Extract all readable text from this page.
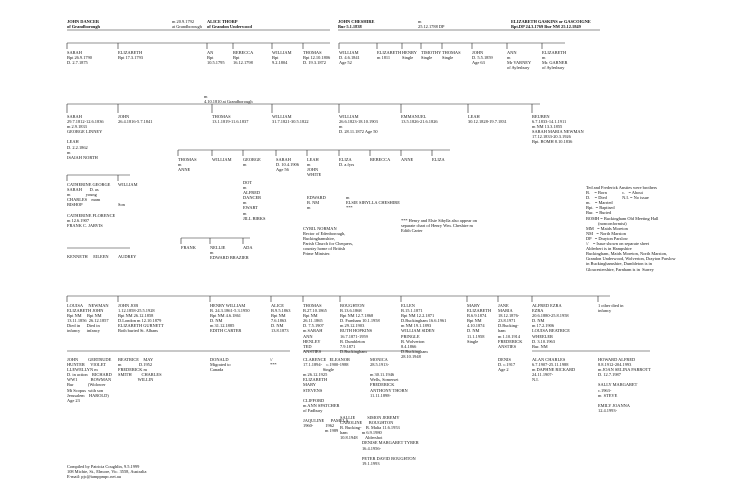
JOHN DANCER
of Grandborough
m 20.9.1792
at Grandborough
ALICE THORP
of Grandon Underwood
JOHN CHESHIRE
Bur 5.1.1838
m
25.12.1788 DP
ELIZABETH GASKINS or GASCOIGNE
Bpt.DP 24.3.1769 Bur NM 25.12.1849
SARAH
Bpt 26.9.1790
D. 2.7.1875
ELIZABETH
Bpt 17.3.1793
AN
Bpt
10.5.1795
REBECCA
Bpt
16.12.1798
WILLIAM
Bpt
9.2.1804
THOMAS
Bpt 12.10.1806
D. 19.3.1872
WILLIAM
D. 4.6.1841
Age 52
ELIZABETH
m 1811
HENRY
Single
TIMOTHY
Single
THOMAS
Single
JOHN
D. 5.5.1859
Age 63
ANN
m
Mr VARNEY
of Aylesbury
ELIZABETH
m
Mr. GARNER
of Aylesbury
m
4.10.1810 at Grandborough
SARAH
29.7.1812-12.6.1836
m 2.9.1833
GEORGE LINNEY

LEAH
D. 2.2.1862
m
ISAIAH NORTH
JOHN
26.4.1816-5.7.1841
THOMAS
13.1.1819-11.6.1837
WILLIAM
31.7.1821-30.5.1822
WILLIAM
26.6.1823-18.10.1903
m
D. 28.11.1872 Age 50
EMMANUEL
13.5.1826-21.6.1826
LEAH
30.12.1828-19.7.1831
REUBEN
6.7.1833-14.1.1911
m NM 13.3.1855
SARAH MARIA NEWMAN
17.12.1833-20.3.1926
Bpt. BOMH 8.10.1836
CATHERINE GEORGE
SARAH       D. as
m              young
CHARLES    mam
BISHOP

CATHERINE FLORENCE
m 12.6.1907
FRANK C. JARVIS
WILLIAM

Son
THOMAS
m
ANNE
WILLIAM	GEORGE
m
DOT
m
ALFRED
DANCER
m
EWART
m
JILL BIRKS
SARAH
D. 10.4.1906
Age 56
LEAH
m
JOHN
WHITE
ELIZA
D. a.fyrs
REBECCA ANNE	ELIZA
EDWARD
B. NM
m
m
ELSIE SIBYLLA CHESHIRE
***
*** Henry and Elsie Sibylla also appear on
separate chart of Henry Wm. Cheshire m
Edith Carter
CYRIL NORMAN
Rector of Edenborough,
Buckinghamshire,
Parish Church for Chequers,
country home of British
Prime Minister.
FRANK	NELLIE
m
EDWARD BRAZIER
ADA
KENNETH     EILEEN AUDREY
Ted and Frederick Ansties were brothers
B.    = Born              c.   = About
D.    = Died              N.I. = No issue
m.    = Married
Bpt.  = Baptised
Bur.  = Buried
BOMH = Buckingham Old Meeting Hall
(nonconformist)
MM   = Maids Moreton
NM   = North Marston
DP   = Drayton Parslow
\/    = Issue shown on separate sheet
Alderbert is in Hampshire
Buckingham, Maids Moreton, North Marston,
Grandon Underwood, Wolverton, Drayton Parslow
in Buckinghamshire, Dumbleton is in
Gloucestershire, Farnham is in  Surrey
LOUISA     NEWMAN
ELIZABETH JOHN
Bpt NM     Bpt NM
13.11.1856  26.12.1857
Died in      Died in
infancy      infancy
JOHN JOB
1.12.1858-25.5.1928
Bpt NM 26.12.1858
D.London m 12.10.1879
ELIZABETH GURNETT
Both buried St. Albans
HENRY WILLIAM
B. 24.3.1861-5.3.1950
Bpt NM 4.6.1861
D. NM
m 31.12.1885
EDITH CARTER
ALICE
B.9.5.1863
Bpt NM
7.6.1863
D. NM
13.8.1873
THOMAS
B.27.10.1865
Bpt NM
26.11.1865
D. 7.5.1907
m SARAH
ANN
HENLEY
TED
ANSTIES
BOUGHTON
B.13.6.1868
Bpt NM 12.7.1868
D. Farnham 10.1.1958
m 29.12.1903
RUTH HOPKINS
16.7.1871-1959
B. Dumbleton
7.9.1871
D.Buckingham
ELLEN
B.15.1.1871
Bpt NM 12.2.1871
D.Buckingham 16.6.1961
m NM 19.1.1893
WILLIAM SIDEN
PRINGLE
B. Wolverton
8.4.1866
D.Buckingham
28.10.1948
MARY
ELIZABETH
B.6.9.1874
Bpt NM
4.10.1874
D. NM
11.1.1958
Single
JANE
MARIA
18.12.1876-
23.8.1971
D.Bucking-
ham
m 1.10.1914
FREDERICK
ANSTIES
ALFRED EZRA
EZRA
20.6.1880-25.8.1958
D. NM
m 17.2.1906
LOUISA BEATRICE
WHEELER
D. 3.10.1963
Bur. NM
1 other died in
infancy
JOHN         GERTRUDE
HUNTER     VIOLET
LLEWELLYN m
D. in action    RICHARD
WW1            BOWMAN
Bur             (Widower
Mt Scopus  with son
Jerusalem    HAROLD)
Age 23
BEATRICE    MAY
m                D.1952
FREDERICK m
SMITH         CHARLES
WILLIN
DONALD
Migrated to
Canada
\/
***
CLARENCE   ELEANOR
17.1.1894-    c.1900-1988
Single
m 26.12.1925
ELIZABETH
MARY
STEVENS

CLIFFORD
m ANN SPATCHER
of Fadbury

JAQULINE      PAMELA
1960-           1962
m 1989
MONICA
28.5.1913-

m 30.11.1946
Wells, Somerset
FREDERICK
ANTHONY THORN
11.11.1898-
SALLIE           SIMON JEREMY
CAROLINE      BOUGHTON
B. Bucking-    B. Malta 11.6.1953
ham             m 6.9.1980
10.8.1948       Aldershot
DENISE MARGARET TYRER
16.4.1956-

PETER DAVID BOUGHTON
19.1.1993
DENIS
D. c.1917
Age 2
ALAN CHARLES
6.7.1907-25.11.1988
m DAPHNE RICKARD
24.11.1907-
N.I.
HOWARD ALFRED
8.8.1912-204.1993
m JOAN SELINA PARROTT
D. 12.7.1987

SALLY MARGARET
c.1963-
m  STEVE

EMILY JOANNA
12.4.1993-
Compiled by Patricia Coughlin, 9.5.1999
108 Michie, St., Elmore, Vic. 3558, Australia
E-mail: pjc@iamppmpc.net.au
